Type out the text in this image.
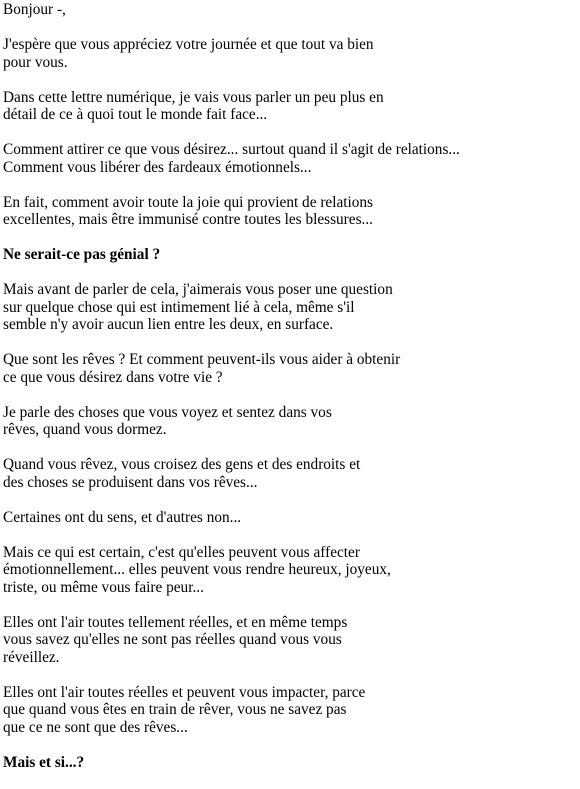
Bonjour -,

J'espère que vous appréciez votre journée et que tout va bien
pour vous.

Dans cette lettre numérique, je vais vous parler un peu plus en
détail de ce à quoi tout le monde fait face...

Comment attirer ce que vous désirez... surtout quand il s'agit de relations...
Comment vous libérer des fardeaux émotionnels...

En fait, comment avoir toute la joie qui provient de relations
excellentes, mais être immunisé contre toutes les blessures...

Ne serait-ce pas génial ?

Mais avant de parler de cela, j'aimerais vous poser une question
sur quelque chose qui est intimement lié à cela, même s'il
semble n'y avoir aucun lien entre les deux, en surface.

Que sont les rêves ? Et comment peuvent-ils vous aider à obtenir
ce que vous désirez dans votre vie ?

Je parle des choses que vous voyez et sentez dans vos
rêves, quand vous dormez.

Quand vous rêvez, vous croisez des gens et des endroits et
des choses se produisent dans vos rêves...

Certaines ont du sens, et d'autres non...

Mais ce qui est certain, c'est qu'elles peuvent vous affecter
émotionnellement... elles peuvent vous rendre heureux, joyeux,
triste, ou même vous faire peur...

Elles ont l'air toutes tellement réelles, et en même temps
vous savez qu'elles ne sont pas réelles quand vous vous
réveillez.

Elles ont l'air toutes réelles et peuvent vous impacter, parce
que quand vous êtes en train de rêver, vous ne savez pas
que ce ne sont que des rêves...

Mais et si...?
